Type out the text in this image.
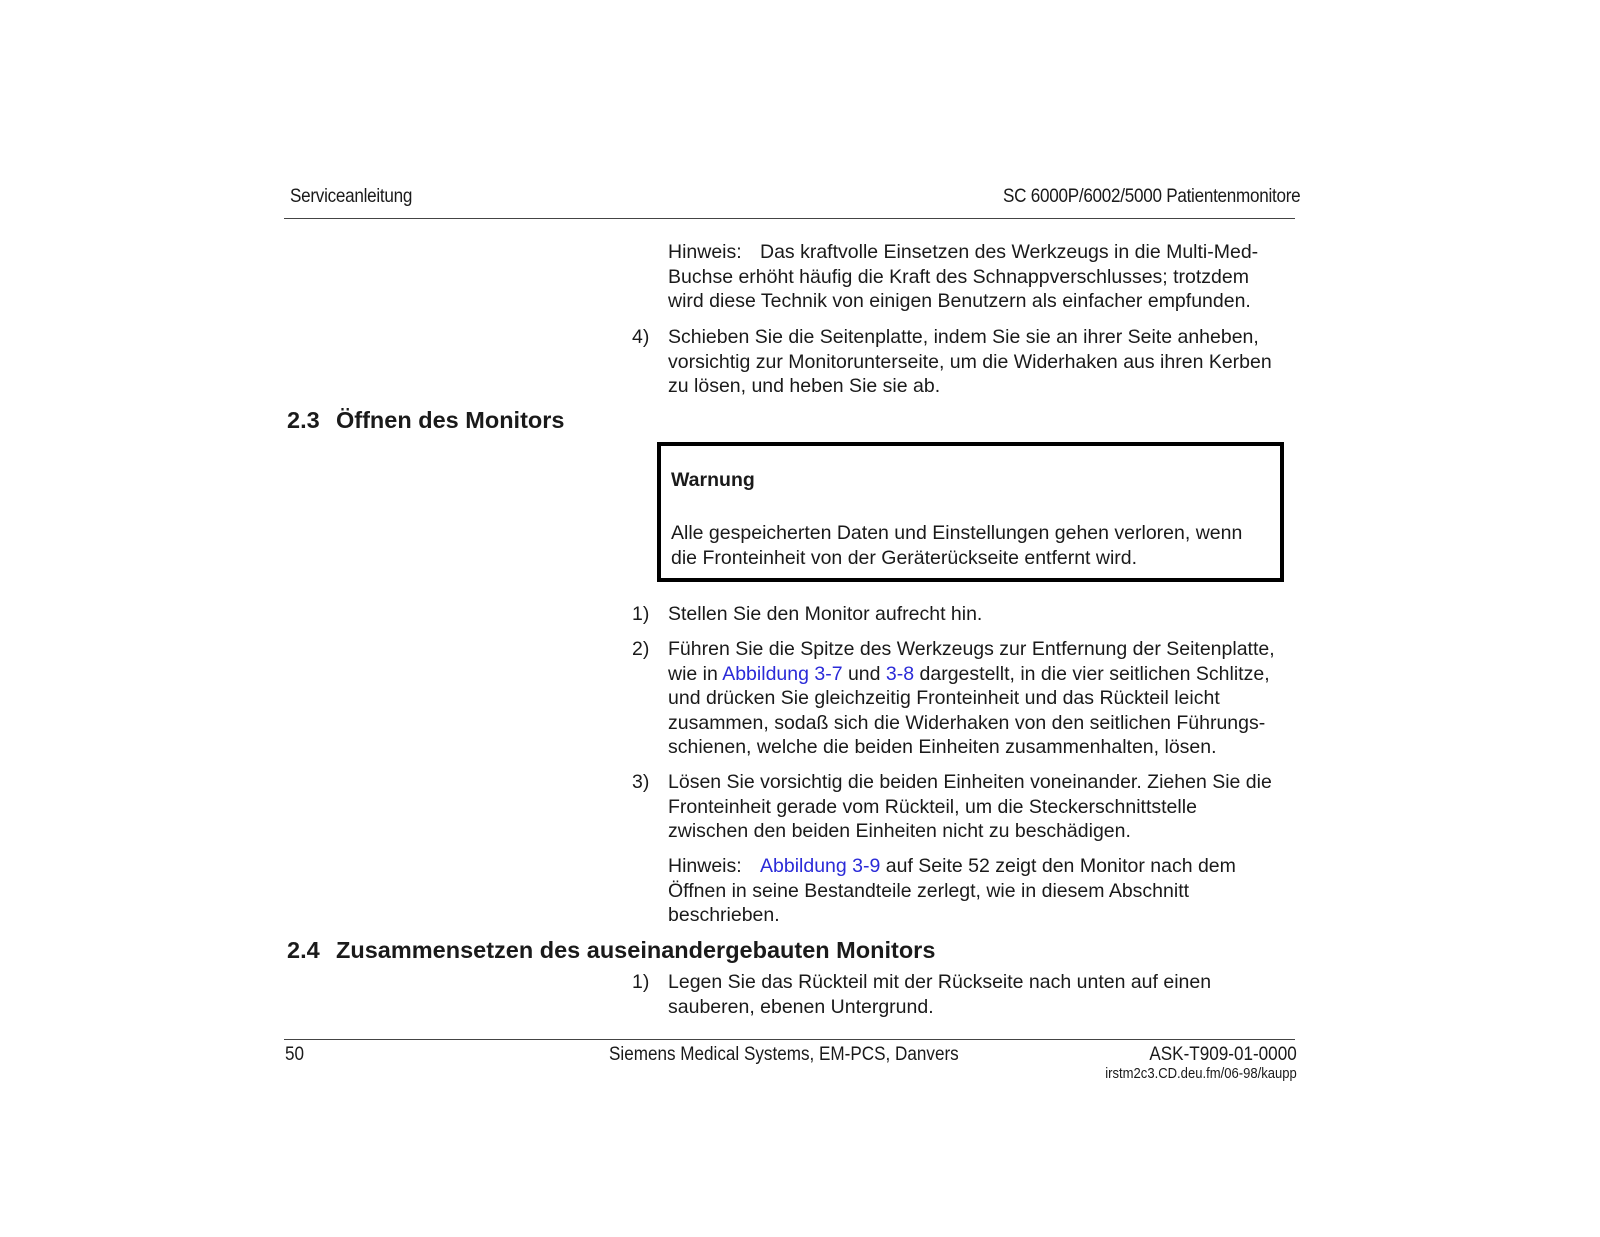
Serviceanleitung	SC 6000P/6002/5000 Patientenmonitore
Hinweis: Das kraftvolle Einsetzen des Werkzeugs in die Multi-Med-
Buchse erhöht häufig die Kraft des Schnappverschlusses; trotzdem
wird diese Technik von einigen Benutzern als einfacher empfunden.
4) Schieben Sie die Seitenplatte, indem Sie sie an ihrer Seite anheben,
vorsichtig zur Monitorunterseite, um die Widerhaken aus ihren Kerben
zu lösen, und heben Sie sie ab.
2.3 Öffnen des Monitors
Warnung
Alle gespeicherten Daten und Einstellungen gehen verloren, wenn
die Fronteinheit von der Geräterückseite entfernt wird.
1) Stellen Sie den Monitor aufrecht hin.
2) Führen Sie die Spitze des Werkzeugs zur Entfernung der Seitenplatte,
wie in Abbildung 3-7 und 3-8 dargestellt, in die vier seitlichen Schlitze,
und drücken Sie gleichzeitig Fronteinheit und das Rückteil leicht
zusammen, sodaß sich die Widerhaken von den seitlichen Führungs-
schienen, welche die beiden Einheiten zusammenhalten, lösen.
3) Lösen Sie vorsichtig die beiden Einheiten voneinander. Ziehen Sie die
Fronteinheit gerade vom Rückteil, um die Steckerschnittstelle
zwischen den beiden Einheiten nicht zu beschädigen.
Hinweis: Abbildung 3-9 auf Seite 52 zeigt den Monitor nach dem
Öffnen in seine Bestandteile zerlegt, wie in diesem Abschnitt
beschrieben.
2.4 Zusammensetzen des auseinandergebauten Monitors
1) Legen Sie das Rückteil mit der Rückseite nach unten auf einen
sauberen, ebenen Untergrund.
50	Siemens Medical Systems, EM-PCS, Danvers	ASK-T909-01-0000
irstm2c3.CD.deu.fm/06-98/kaupp
